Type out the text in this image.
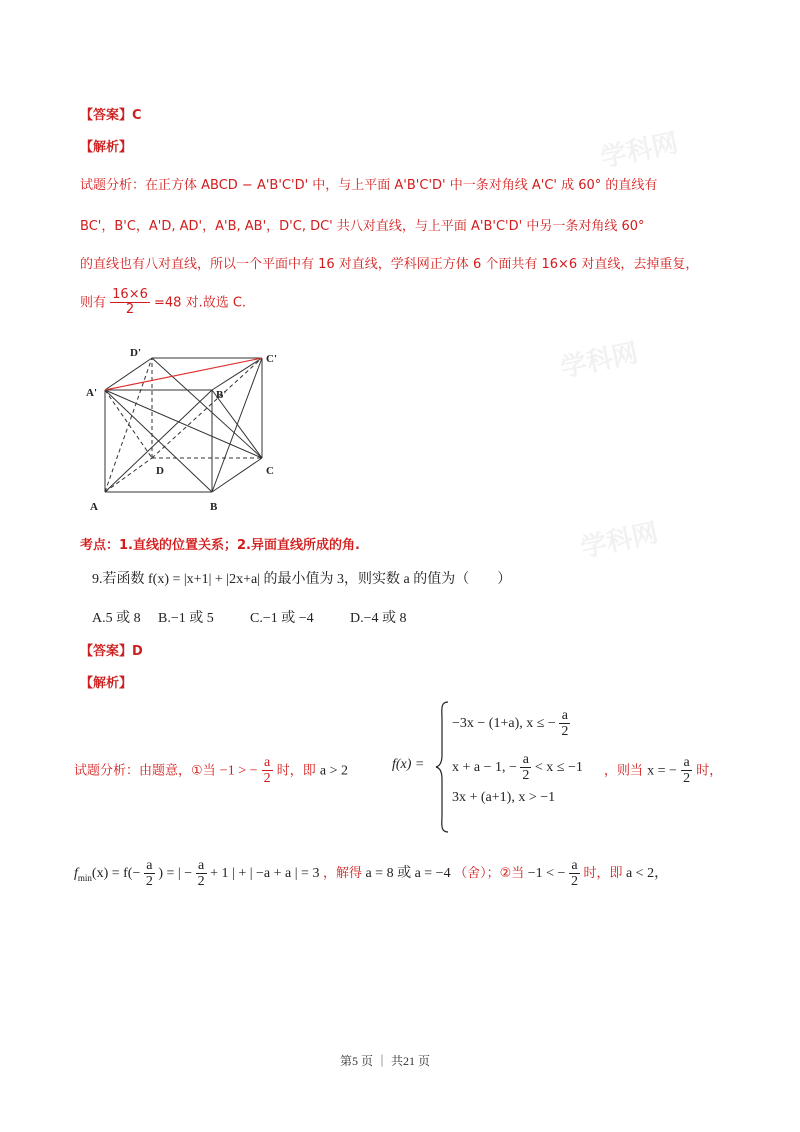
学科网
学科网
学科网
【答案】C
【解析】
试题分析：在正方体 ABCD − A'B'C'D' 中，与上平面 A'B'C'D' 中一条对角线 A'C' 成 60° 的直线有
BC'，B'C，A'D, AD'，A'B, AB'，D'C, DC' 共八对直线，与上平面 A'B'C'D' 中另一条对角线 60°
的直线也有八对直线，所以一个平面中有 16 对直线，学科网正方体 6 个面共有 16×6 对直线，去掉重复，
则有 $\frac{16\times 6}{2} =48$ 对.故选 C.
D'	C'
A'	B'
D	C
A	B
考点：1.直线的位置关系；2.异面直线所成的角.
9.若函数 f(x) = |x+1| + |2x+a| 的最小值为 3，则实数 a 的值为（　　）
A.5 或 8 B.−1 或 5	C.−1 或 −4	D.−4 或 8
【答案】D
【解析】
试题分析：由题意，①当 −1 > − $\frac{a}{2}$ 时，即 a > 2	f(x) =
−3x − (1+a), x ≤ − $\frac{a}{2}$
x + a − 1, − $\frac{a}{2} < x \le -1$ ，则当 x = − $\frac{a}{2}$ 时，
3x + (a+1), x > −1
$f_{min}(x) = f(- \frac{a}{2}$ ) = | − $\frac{a}{2} + 1$ | + | −a + a | = 3 ，解得 a = 8 或 a = −4 （舍）；②当 −1 < − $\frac{a}{2}$ 时，即 a < 2，
第5 页 ｜ 共21 页
